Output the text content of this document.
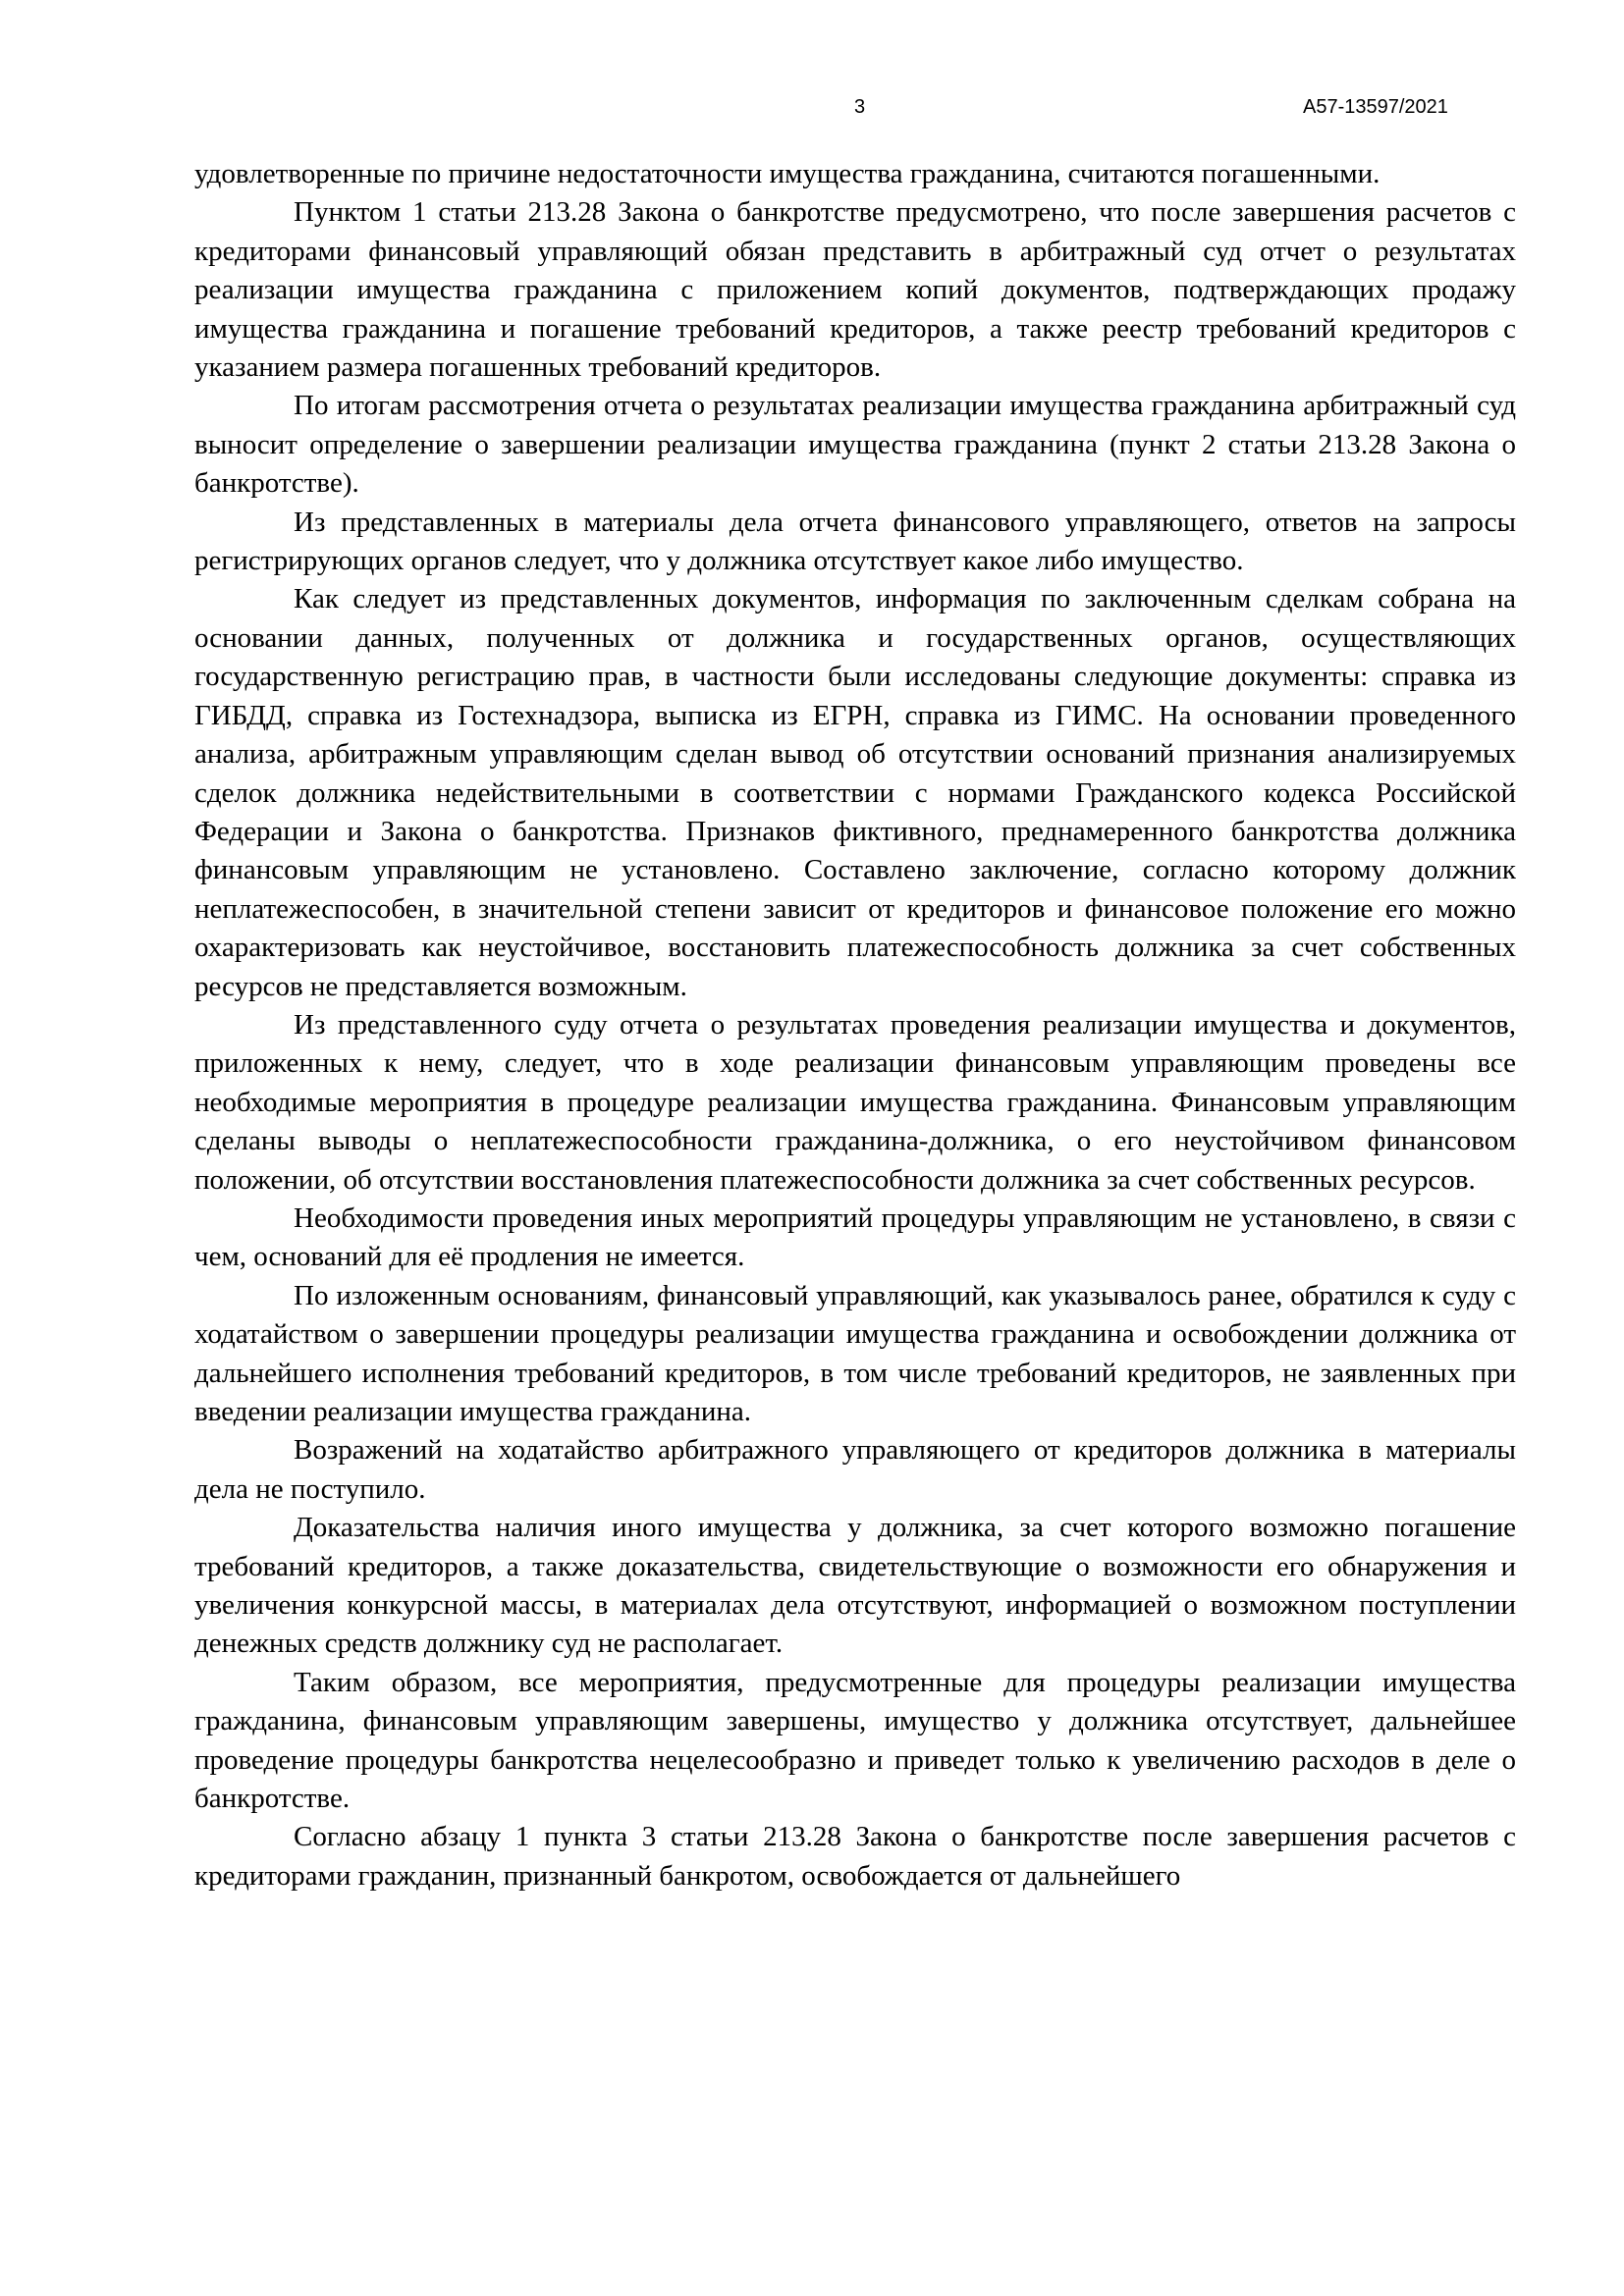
3	А57-13597/2021

удовлетворенные по причине недостаточности имущества гражданина, считаются погашенными.

Пунктом 1 статьи 213.28 Закона о банкротстве предусмотрено, что после завершения расчетов с кредиторами финансовый управляющий обязан представить в арбитражный суд отчет о результатах реализации имущества гражданина с приложением копий документов, подтверждающих продажу имущества гражданина и погашение требований кредиторов, а также реестр требований кредиторов с указанием размера погашенных требований кредиторов.

По итогам рассмотрения отчета о результатах реализации имущества гражданина арбитражный суд выносит определение о завершении реализации имущества гражданина (пункт 2 статьи 213.28 Закона о банкротстве).

Из представленных в материалы дела отчета финансового управляющего, ответов на запросы регистрирующих органов следует, что у должника отсутствует какое либо имущество.

Как следует из представленных документов, информация по заключенным сделкам собрана на основании данных, полученных от должника и государственных органов, осуществляющих государственную регистрацию прав, в частности были исследованы следующие документы: справка из ГИБДД, справка из Гостехнадзора, выписка из ЕГРН, справка из ГИМС. На основании проведенного анализа, арбитражным управляющим сделан вывод об отсутствии оснований признания анализируемых сделок должника недействительными в соответствии с нормами Гражданского кодекса Российской Федерации и Закона о банкротства. Признаков фиктивного, преднамеренного банкротства должника финансовым управляющим не установлено. Составлено заключение, согласно которому должник неплатежеспособен, в значительной степени зависит от кредиторов и финансовое положение его можно охарактеризовать как неустойчивое, восстановить платежеспособность должника за счет собственных ресурсов не представляется возможным.

Из представленного суду отчета о результатах проведения реализации имущества и документов, приложенных к нему, следует, что в ходе реализации финансовым управляющим проведены все необходимые мероприятия в процедуре реализации имущества гражданина. Финансовым управляющим сделаны выводы о неплатежеспособности гражданина-должника, о его неустойчивом финансовом положении, об отсутствии восстановления платежеспособности должника за счет собственных ресурсов.

Необходимости проведения иных мероприятий процедуры управляющим не установлено, в связи с чем, оснований для её продления не имеется.

По изложенным основаниям, финансовый управляющий, как указывалось ранее, обратился к суду с ходатайством о завершении процедуры реализации имущества гражданина и освобождении должника от дальнейшего исполнения требований кредиторов, в том числе требований кредиторов, не заявленных при введении реализации имущества гражданина.

Возражений на ходатайство арбитражного управляющего от кредиторов должника в материалы дела не поступило.

Доказательства наличия иного имущества у должника, за счет которого возможно погашение требований кредиторов, а также доказательства, свидетельствующие о возможности его обнаружения и увеличения конкурсной массы, в материалах дела отсутствуют, информацией о возможном поступлении денежных средств должнику суд не располагает.

Таким образом, все мероприятия, предусмотренные для процедуры реализации имущества гражданина, финансовым управляющим завершены, имущество у должника отсутствует, дальнейшее проведение процедуры банкротства нецелесообразно и приведет только к увеличению расходов в деле о банкротстве.

Согласно абзацу 1 пункта 3 статьи 213.28 Закона о банкротстве после завершения расчетов с кредиторами гражданин, признанный банкротом, освобождается от дальнейшего
